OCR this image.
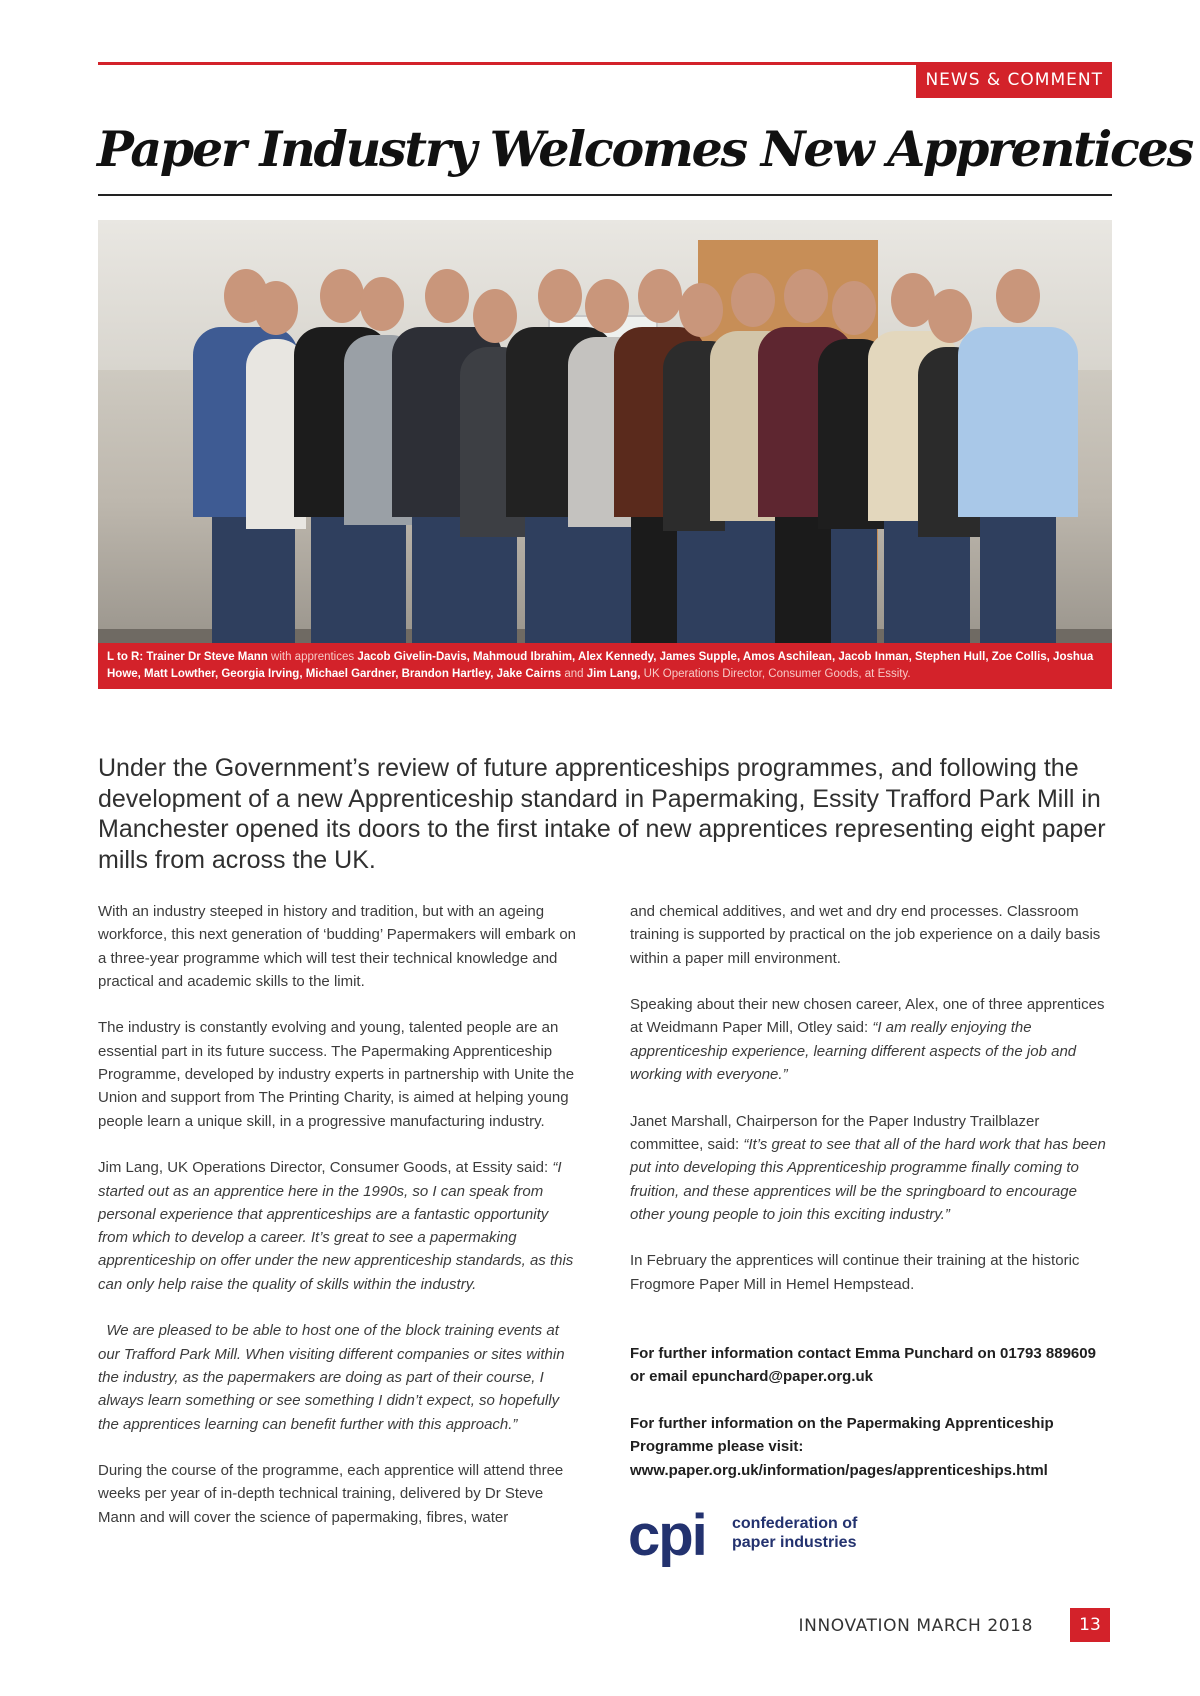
NEWS & COMMENT
Paper Industry Welcomes New Apprentices
L to R: Trainer Dr Steve Mann with apprentices Jacob Givelin-Davis, Mahmoud Ibrahim, Alex Kennedy, James Supple, Amos Aschilean, Jacob Inman, Stephen Hull, Zoe Collis, Joshua Howe, Matt Lowther, Georgia Irving, Michael Gardner, Brandon Hartley, Jake Cairns and Jim Lang, UK Operations Director, Consumer Goods, at Essity.

Under the Government’s review of future apprenticeships programmes, and following the development of a new Apprenticeship standard in Papermaking, Essity Trafford Park Mill in Manchester opened its doors to the first intake of new apprentices representing eight paper mills from across the UK.

With an industry steeped in history and tradition, but with an ageing workforce, this next generation of ‘budding’ Papermakers will embark on a three-year programme which will test their technical knowledge and practical and academic skills to the limit.

The industry is constantly evolving and young, talented people are an essential part in its future success. The Papermaking Apprenticeship Programme, developed by industry experts in partnership with Unite the Union and support from The Printing Charity, is aimed at helping young people learn a unique skill, in a progressive manufacturing industry.

Jim Lang, UK Operations Director, Consumer Goods, at Essity said: “I started out as an apprentice here in the 1990s, so I can speak from personal experience that apprenticeships are a fantastic opportunity from which to develop a career. It’s great to see a papermaking apprenticeship on offer under the new apprenticeship standards, as this can only help raise the quality of skills within the industry.

We are pleased to be able to host one of the block training events at our Trafford Park Mill. When visiting different companies or sites within the industry, as the papermakers are doing as part of their course, I always learn something or see something I didn’t expect, so hopefully the apprentices learning can benefit further with this approach.”

During the course of the programme, each apprentice will attend three weeks per year of in-depth technical training, delivered by Dr Steve Mann and will cover the science of papermaking, fibres, water

and chemical additives, and wet and dry end processes. Classroom training is supported by practical on the job experience on a daily basis within a paper mill environment.

Speaking about their new chosen career, Alex, one of three apprentices at Weidmann Paper Mill, Otley said: “I am really enjoying the apprenticeship experience, learning different aspects of the job and working with everyone.”

Janet Marshall, Chairperson for the Paper Industry Trailblazer committee, said: “It’s great to see that all of the hard work that has been put into developing this Apprenticeship programme finally coming to fruition, and these apprentices will be the springboard to encourage other young people to join this exciting industry.”

In February the apprentices will continue their training at the historic Frogmore Paper Mill in Hemel Hempstead.

For further information contact Emma Punchard on 01793 889609 or email epunchard@paper.org.uk

For further information on the Papermaking Apprenticeship Programme please visit: www.paper.org.uk/information/pages/apprenticeships.html

cpi confederation of
paper industries
INNOVATION MARCH 2018	13
